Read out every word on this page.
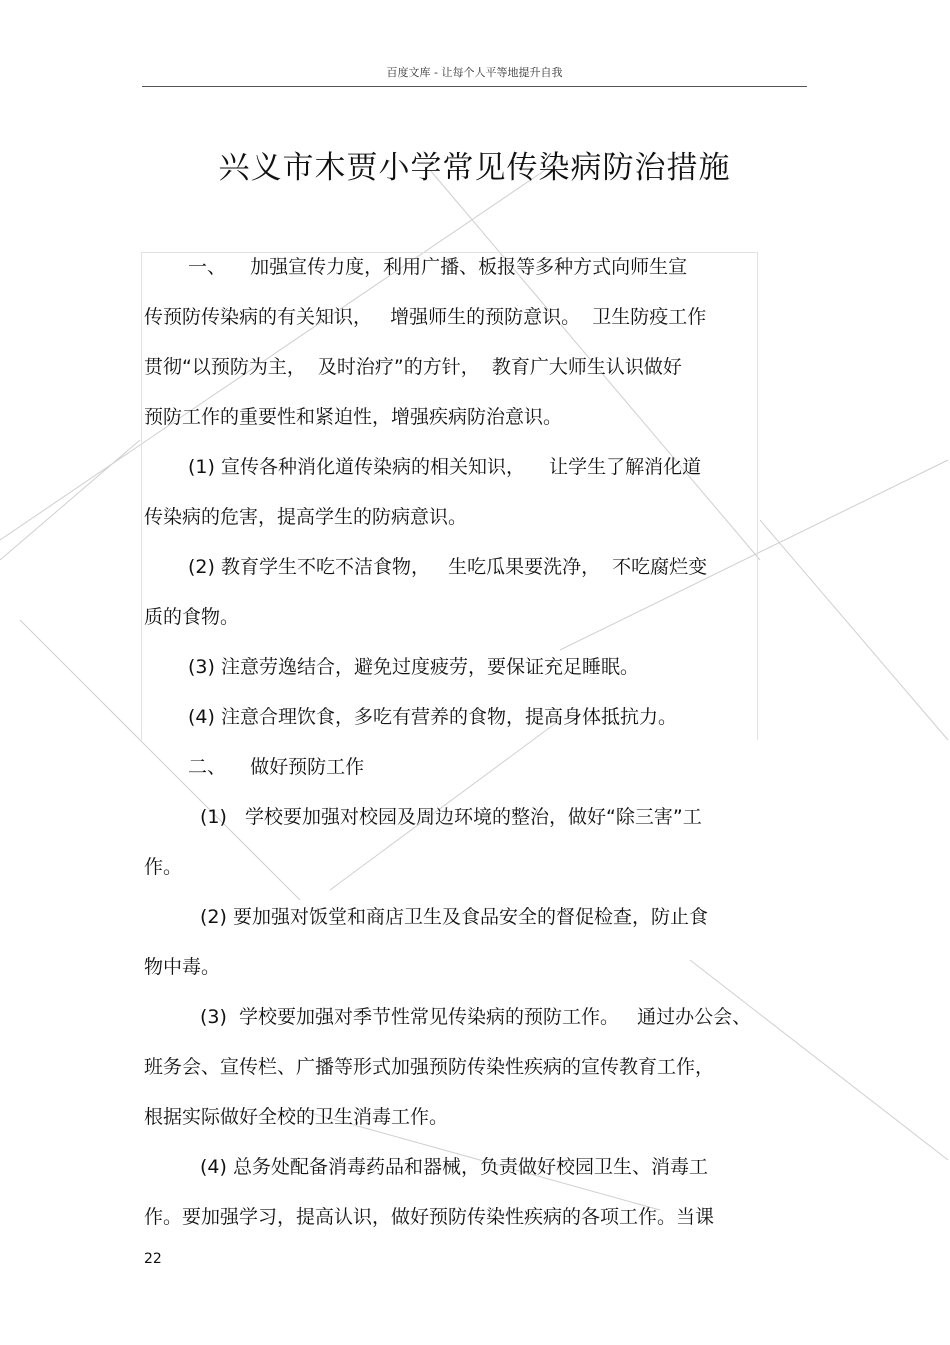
百度文库 - 让每个人平等地提升自我
兴义市木贾小学常见传染病防治措施
一、    加强宣传力度，利用广播、板报等多种方式向师生宣
传预防传染病的有关知识，   增强师生的预防意识。  卫生防疫工作
贯彻“以预防为主，  及时治疗”的方针，  教育广大师生认识做好
预防工作的重要性和紧迫性，增强疾病防治意识。
(1) 宣传各种消化道传染病的相关知识，    让学生了解消化道
传染病的危害，提高学生的防病意识。
(2) 教育学生不吃不洁食物，   生吃瓜果要洗净，  不吃腐烂变
质的食物。
(3) 注意劳逸结合，避免过度疲劳，要保证充足睡眠。
(4) 注意合理饮食，多吃有营养的食物，提高身体抵抗力。
二、    做好预防工作
(1)   学校要加强对校园及周边环境的整治，做好“除三害”工
作。
(2) 要加强对饭堂和商店卫生及食品安全的督促检查，防止食
物中毒。
(3)  学校要加强对季节性常见传染病的预防工作。   通过办公会、
班务会、宣传栏、广播等形式加强预防传染性疾病的宣传教育工作，
根据实际做好全校的卫生消毒工作。
(4) 总务处配备消毒药品和器械，负责做好校园卫生、消毒工
作。要加强学习，提高认识，做好预防传染性疾病的各项工作。当课
22
